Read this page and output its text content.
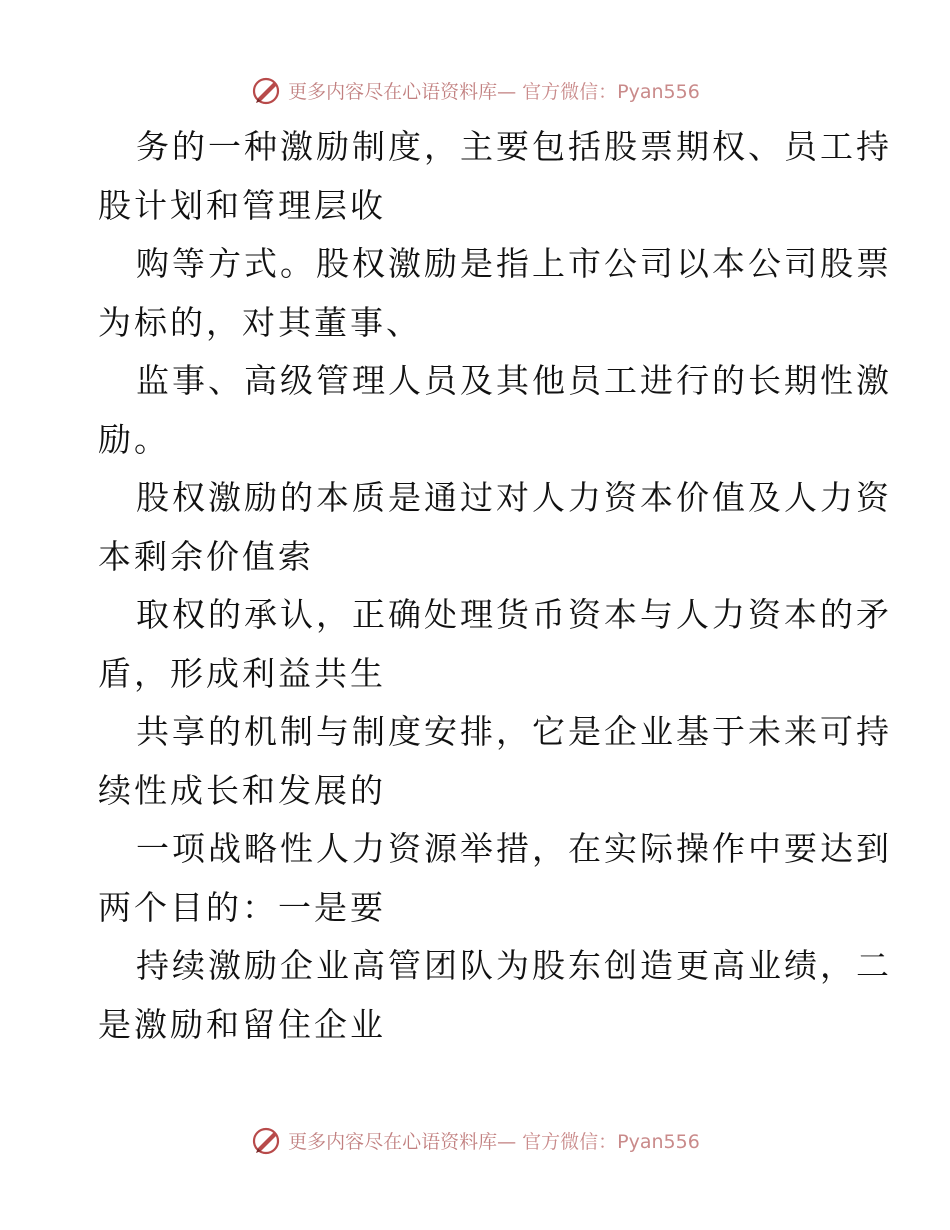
更多内容尽在心语资料库— 官方微信：Pyan556

务的一种激励制度，主要包括股票期权、员工持

股计划和管理层收

购等方式。股权激励是指上市公司以本公司股票

为标的，对其董事、

监事、高级管理人员及其他员工进行的长期性激

励。

股权激励的本质是通过对人力资本价值及人力资

本剩余价值索

取权的承认，正确处理货币资本与人力资本的矛

盾，形成利益共生

共享的机制与制度安排，它是企业基于未来可持

续性成长和发展的

一项战略性人力资源举措，在实际操作中要达到

两个目的：一是要

持续激励企业高管团队为股东创造更高业绩，二

是激励和留住企业

更多内容尽在心语资料库— 官方微信：Pyan556
